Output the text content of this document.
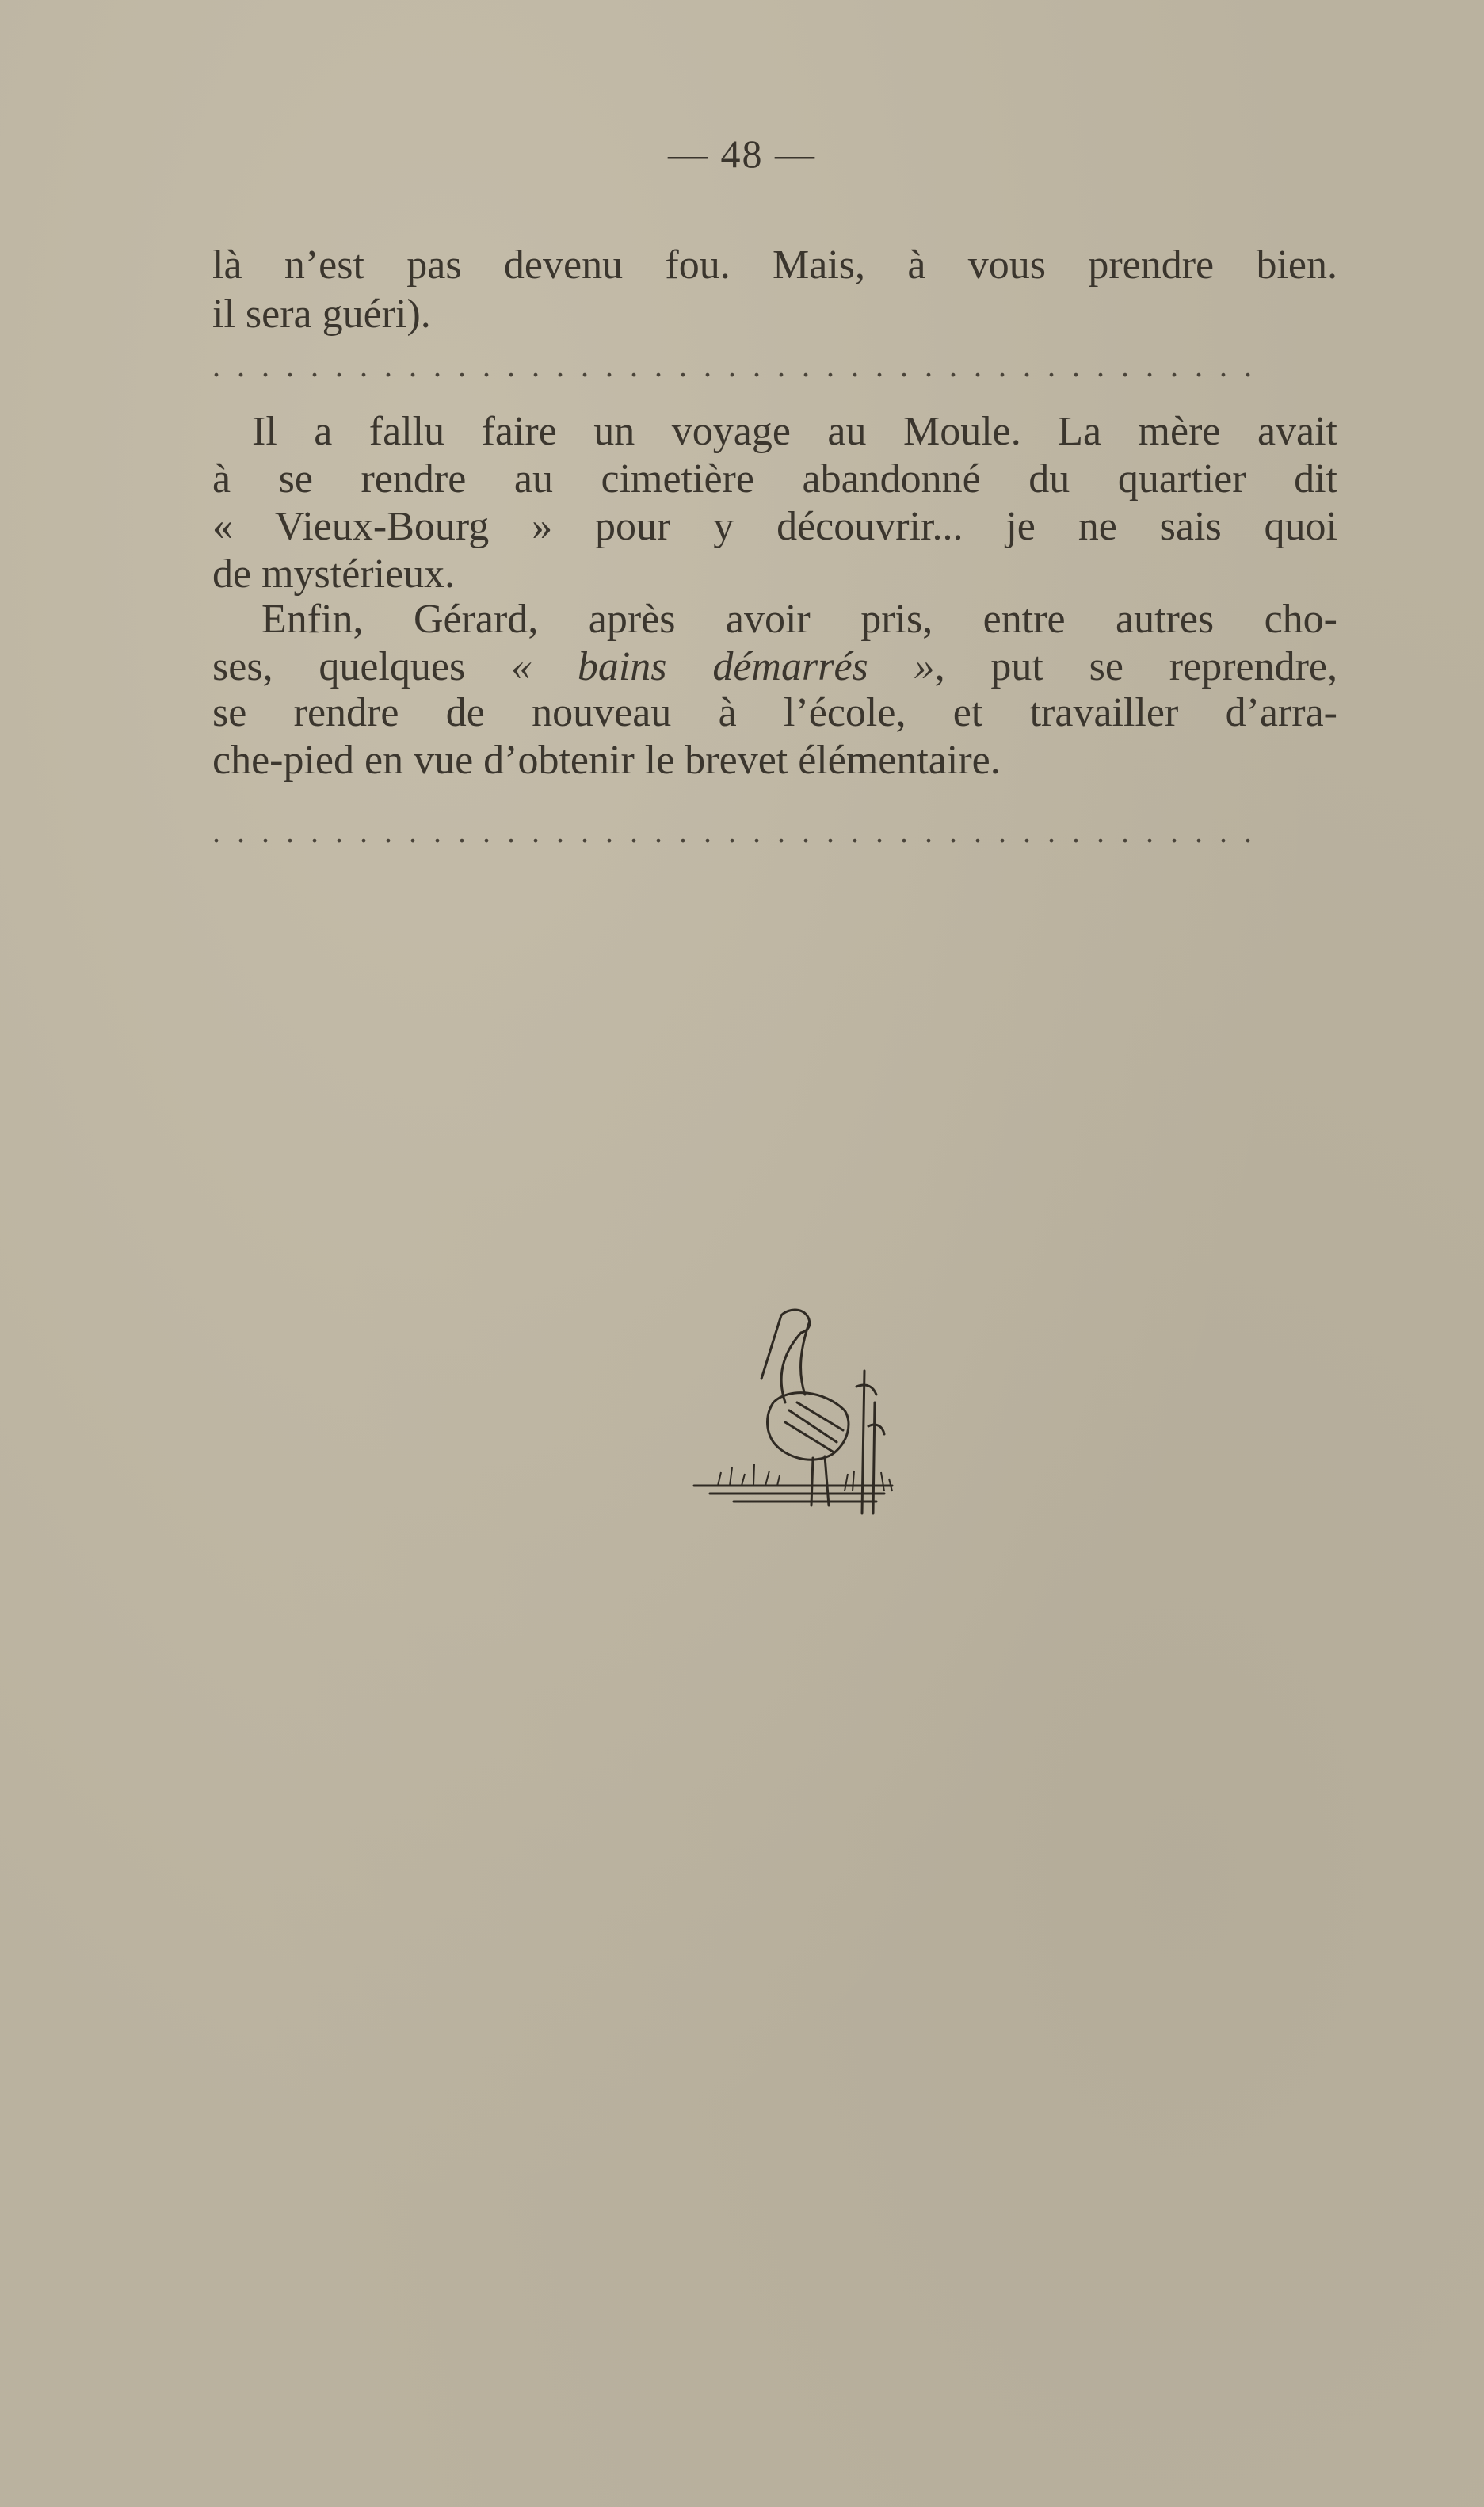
— 48 —
là n’est pas devenu fou. Mais, à vous prendre bien.
il sera guéri).
...........................................
Il a fallu faire un voyage au Moule. La mère avait
à se rendre au cimetière abandonné du quartier dit
« Vieux-Bourg » pour y découvrir... je ne sais quoi
de mystérieux.
Enfin, Gérard, après avoir pris, entre autres cho-
ses, quelques « bains démarrés », put se reprendre,
se rendre de nouveau à l’école, et travailler d’arra-
che-pied en vue d’obtenir le brevet élémentaire.
...........................................
